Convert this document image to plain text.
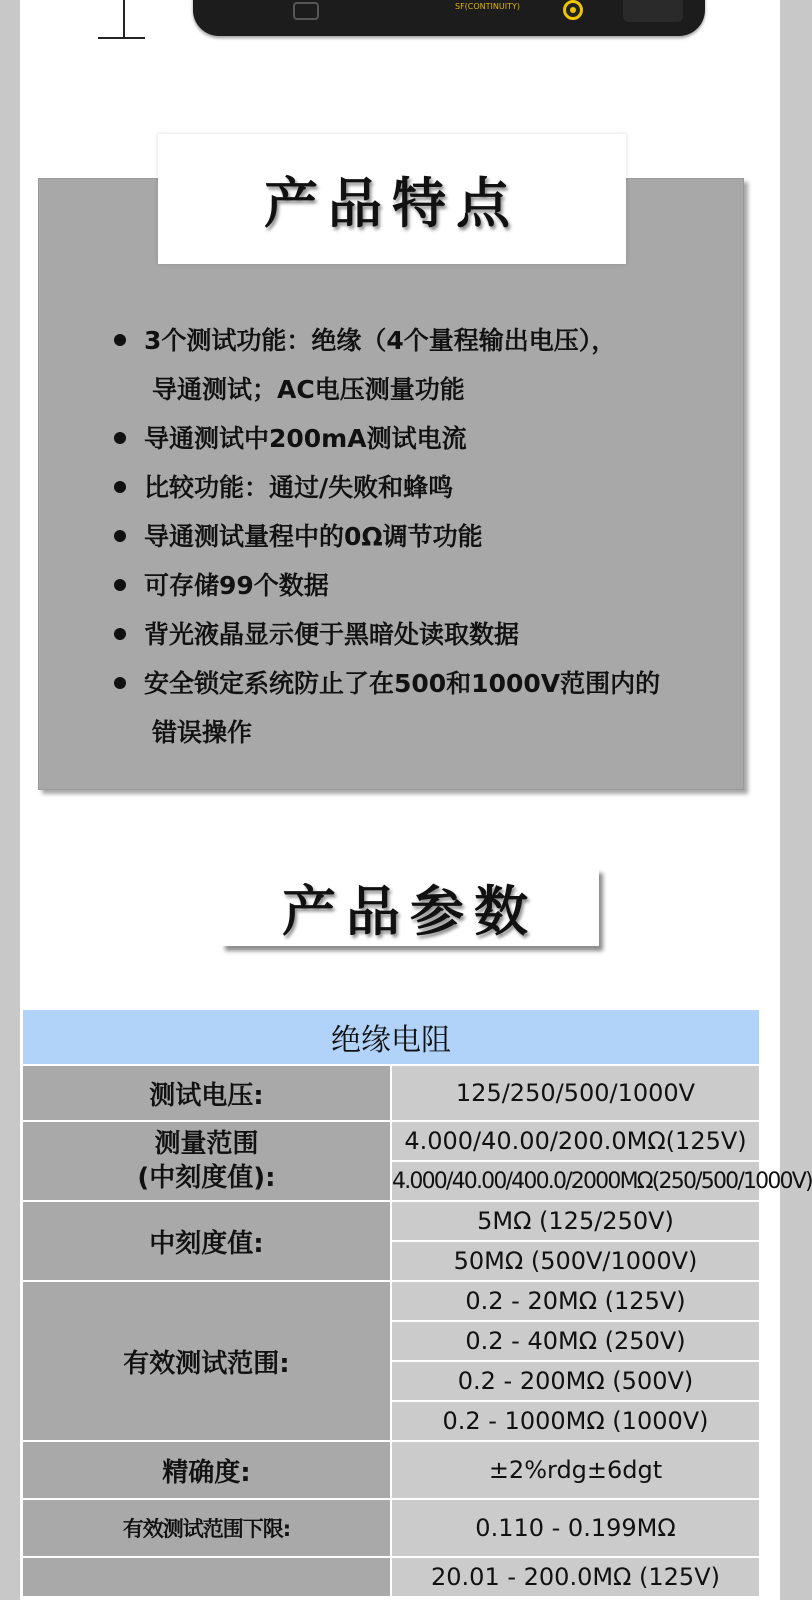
SF(CONTINUITY)
产品特点
3个测试功能：绝缘（4个量程输出电压），
导通测试；AC电压测量功能
导通测试中200mA测试电流
比较功能：通过/失败和蜂鸣
导通测试量程中的0Ω调节功能
可存储99个数据
背光液晶显示便于黑暗处读取数据
安全锁定系统防止了在500和1000V范围内的
错误操作
产品参数
绝缘电阻	
测试电压:	125/250/500/1000V

测量范围
(中刻度值):	4.000/40.00/200.0MΩ(125V)
	4.000/40.00/400.0/2000MΩ(250/500/1000V)
中刻度值:	5MΩ (125/250V)
	50MΩ (500V/1000V)
有效测试范围:	0.2 - 20MΩ (125V)
	0.2 - 40MΩ (250V)
	0.2 - 200MΩ (500V)
	0.2 - 1000MΩ (1000V)
精确度:	±2%rdg±6dgt
有效测试范围下限:	0.110 - 0.199MΩ
	20.01 - 200.0MΩ (125V)
